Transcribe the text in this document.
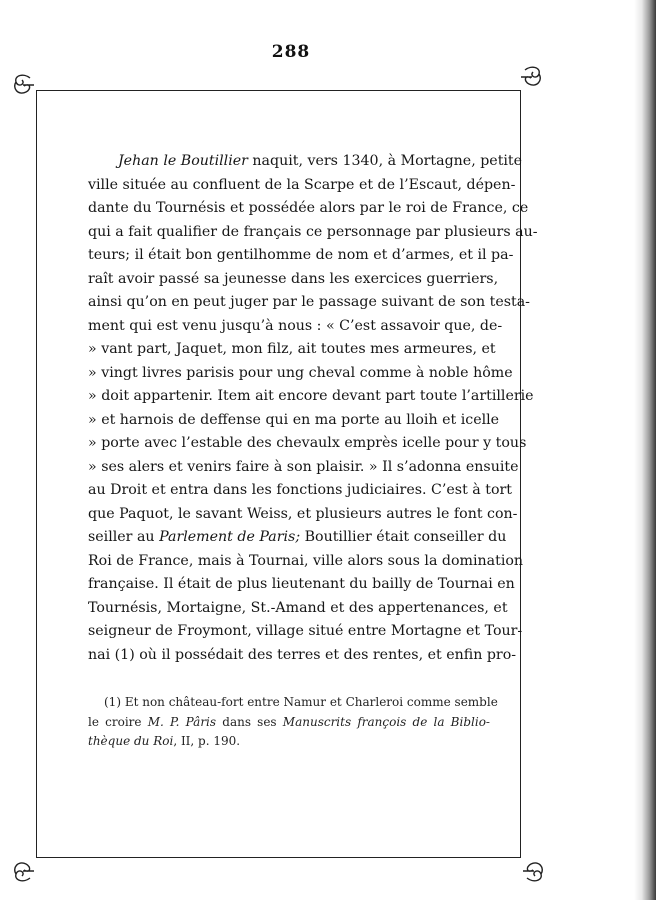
288
Jehan le Boutillier naquit, vers 1340, à Mortagne, petite
ville située au confluent de la Scarpe et de l’Escaut, dépen-
dante du Tournésis et possédée alors par le roi de France, ce
qui a fait qualifier de français ce personnage par plusieurs au-
teurs; il était bon gentilhomme de nom et d’armes, et il pa-
raît avoir passé sa jeunesse dans les exercices guerriers,
ainsi qu’on en peut juger par le passage suivant de son testa-
ment qui est venu jusqu’à nous : « C’est assavoir que, de-
» vant part, Jaquet, mon filz, ait toutes mes armeures, et
» vingt livres parisis pour ung cheval comme à noble hôme
» doit appartenir. Item ait encore devant part toute l’artillerie
» et harnois de deffense qui en ma porte au lloih et icelle
» porte avec l’estable des chevaulx emprès icelle pour y tous
» ses alers et venirs faire à son plaisir. » Il s’adonna ensuite
au Droit et entra dans les fonctions judiciaires. C’est à tort
que Paquot, le savant Weiss, et plusieurs autres le font con-
seiller au Parlement de Paris; Boutillier était conseiller du
Roi de France, mais à Tournai, ville alors sous la domination
française. Il était de plus lieutenant du bailly de Tournai en
Tournésis, Mortaigne, St.-Amand et des appertenances, et
seigneur de Froymont, village situé entre Mortagne et Tour-
nai (1) où il possédait des terres et des rentes, et enfin pro-
(1) Et non château-fort entre Namur et Charleroi comme semble
le croire M. P. Pâris dans ses Manuscrits françois de la Biblio-
thèque du Roi, II, p. 190.
